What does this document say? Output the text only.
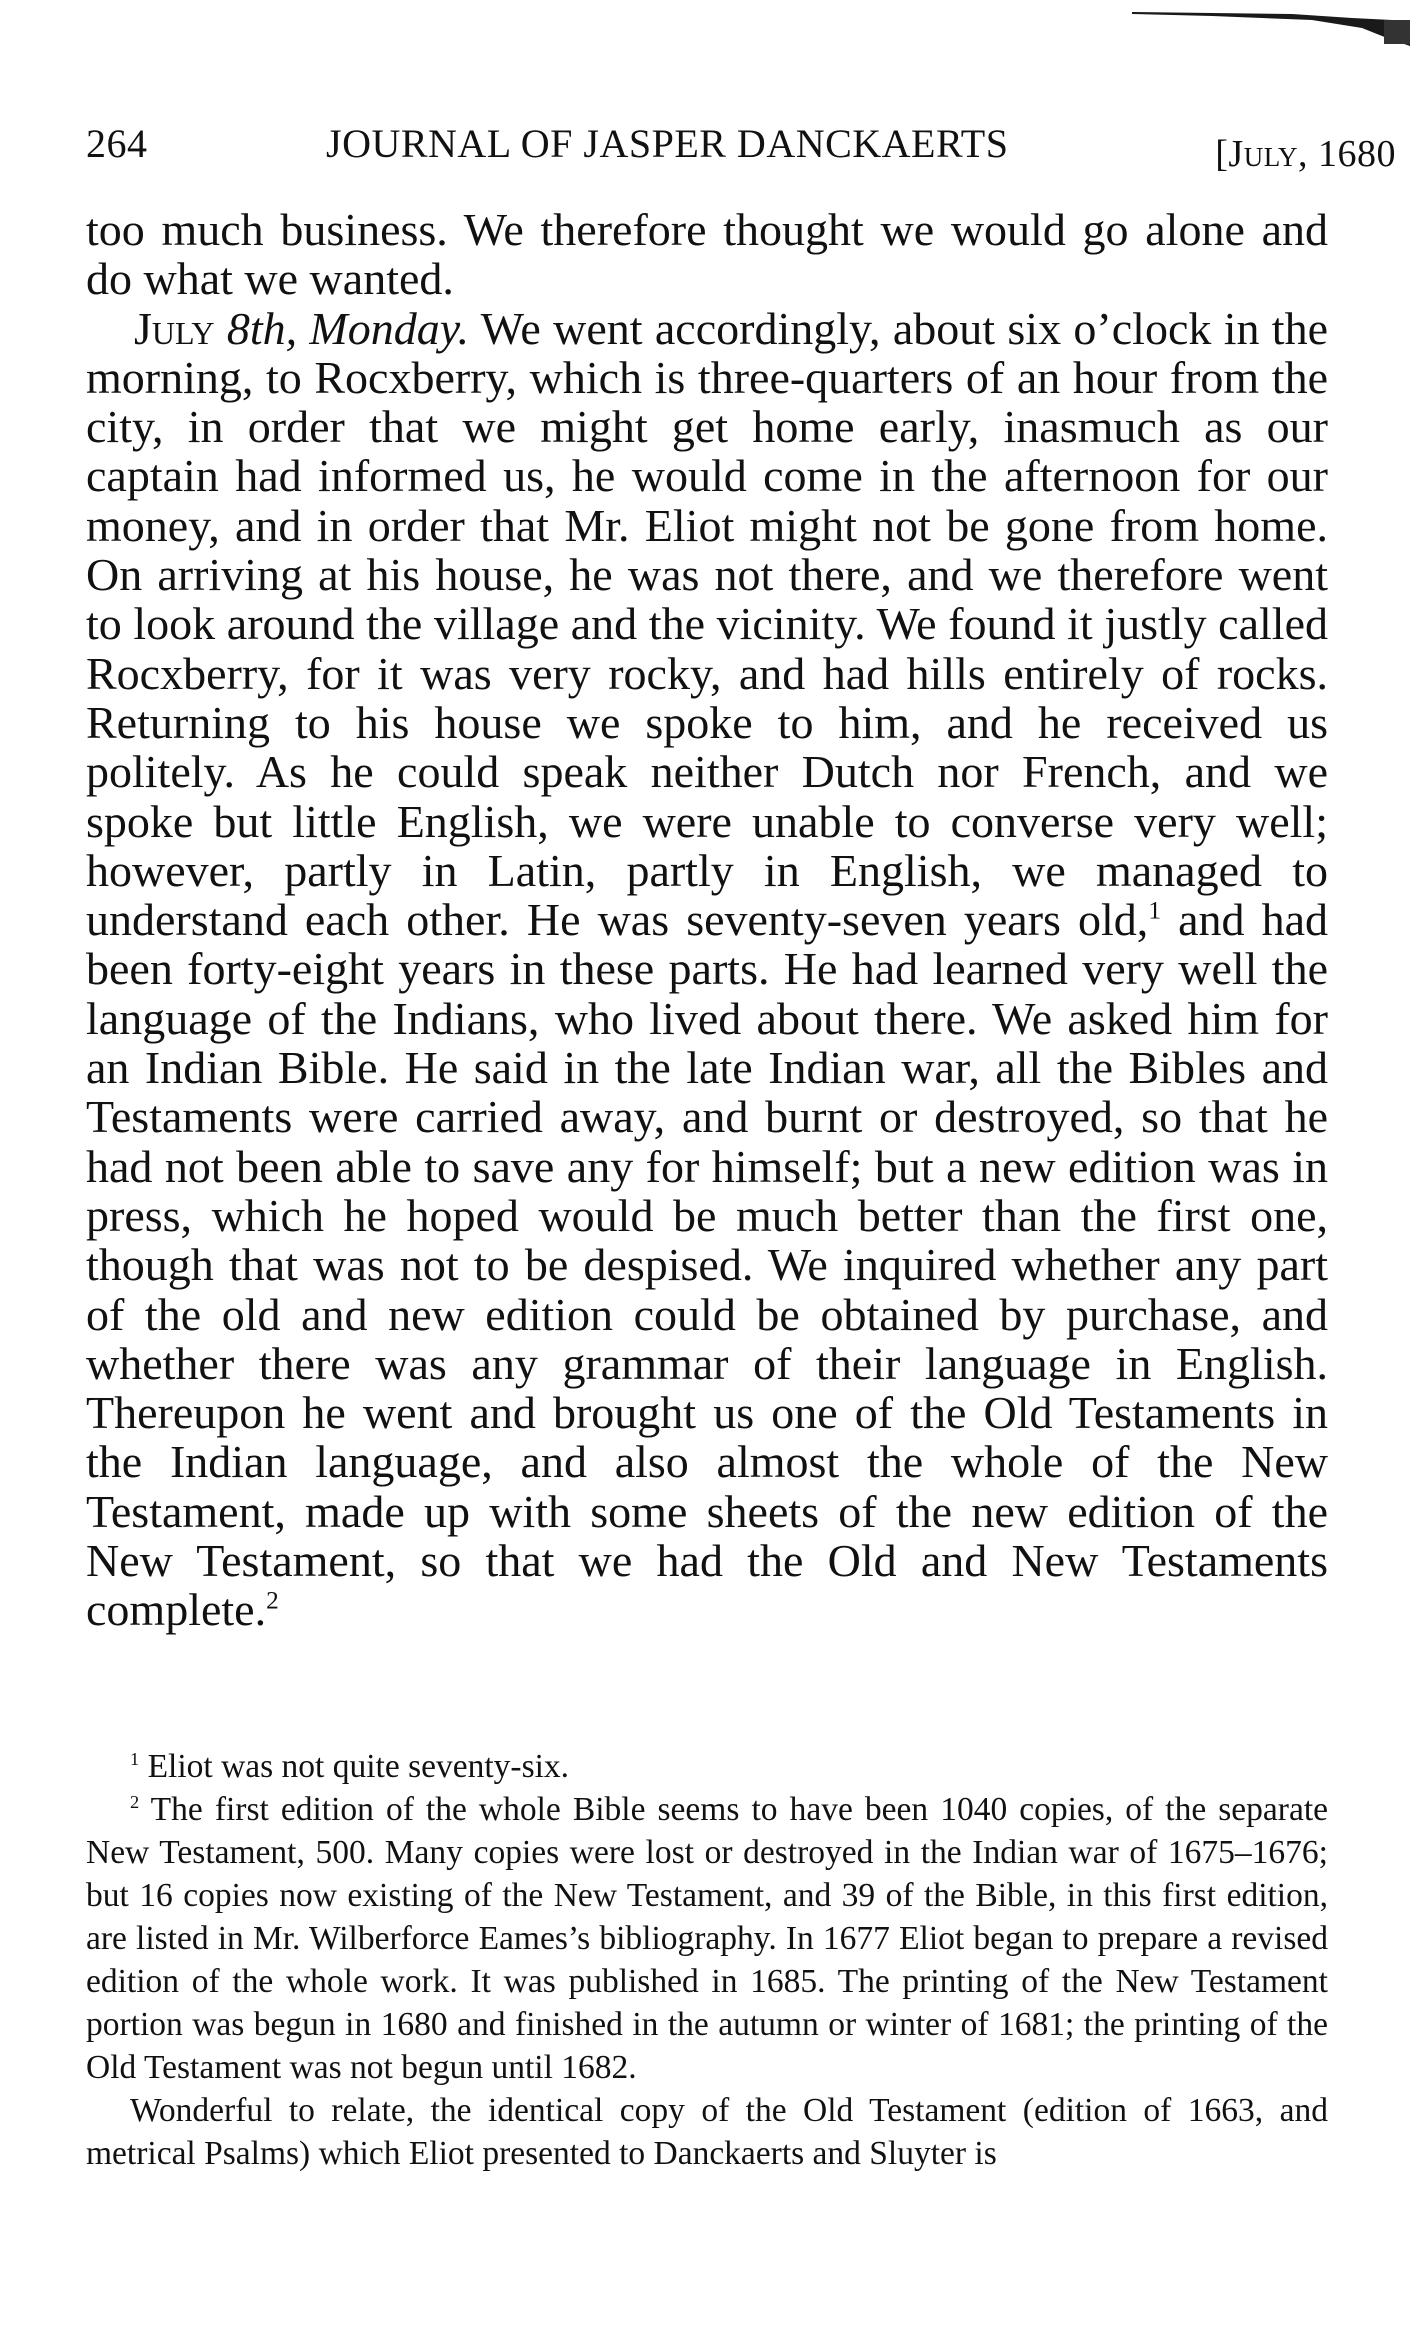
264	JOURNAL OF JASPER DANCKAERTS	[July, 1680

too much business. We therefore thought we would go alone and do what we wanted.

July 8th, Monday. We went accordingly, about six o’clock in the morning, to Rocxberry, which is three-quarters of an hour from the city, in order that we might get home early, inasmuch as our captain had informed us, he would come in the afternoon for our money, and in order that Mr. Eliot might not be gone from home. On arriving at his house, he was not there, and we therefore went to look around the village and the vicinity. We found it justly called Rocxberry, for it was very rocky, and had hills entirely of rocks. Returning to his house we spoke to him, and he received us politely. As he could speak neither Dutch nor French, and we spoke but little English, we were unable to converse very well; however, partly in Latin, partly in English, we managed to understand each other. He was seventy-seven years old,$^1$ and had been forty-eight years in these parts. He had learned very well the language of the Indians, who lived about there. We asked him for an Indian Bible. He said in the late Indian war, all the Bibles and Testaments were carried away, and burnt or destroyed, so that he had not been able to save any for himself; but a new edition was in press, which he hoped would be much better than the first one, though that was not to be despised. We inquired whether any part of the old and new edition could be obtained by purchase, and whether there was any grammar of their language in English. Thereupon he went and brought us one of the Old Testaments in the Indian language, and also almost the whole of the New Testament, made up with some sheets of the new edition of the New Testament, so that we had the Old and New Testaments complete.$^2$

$^1$ Eliot was not quite seventy-six.

$^2$ The first edition of the whole Bible seems to have been 1040 copies, of the separate New Testament, 500. Many copies were lost or destroyed in the Indian war of 1675–1676; but 16 copies now existing of the New Testament, and 39 of the Bible, in this first edition, are listed in Mr. Wilberforce Eames’s bibliography. In 1677 Eliot began to prepare a revised edition of the whole work. It was published in 1685. The printing of the New Testament portion was begun in 1680 and finished in the autumn or winter of 1681; the printing of the Old Testament was not begun until 1682.

Wonderful to relate, the identical copy of the Old Testament (edition of 1663, and metrical Psalms) which Eliot presented to Danckaerts and Sluyter is
